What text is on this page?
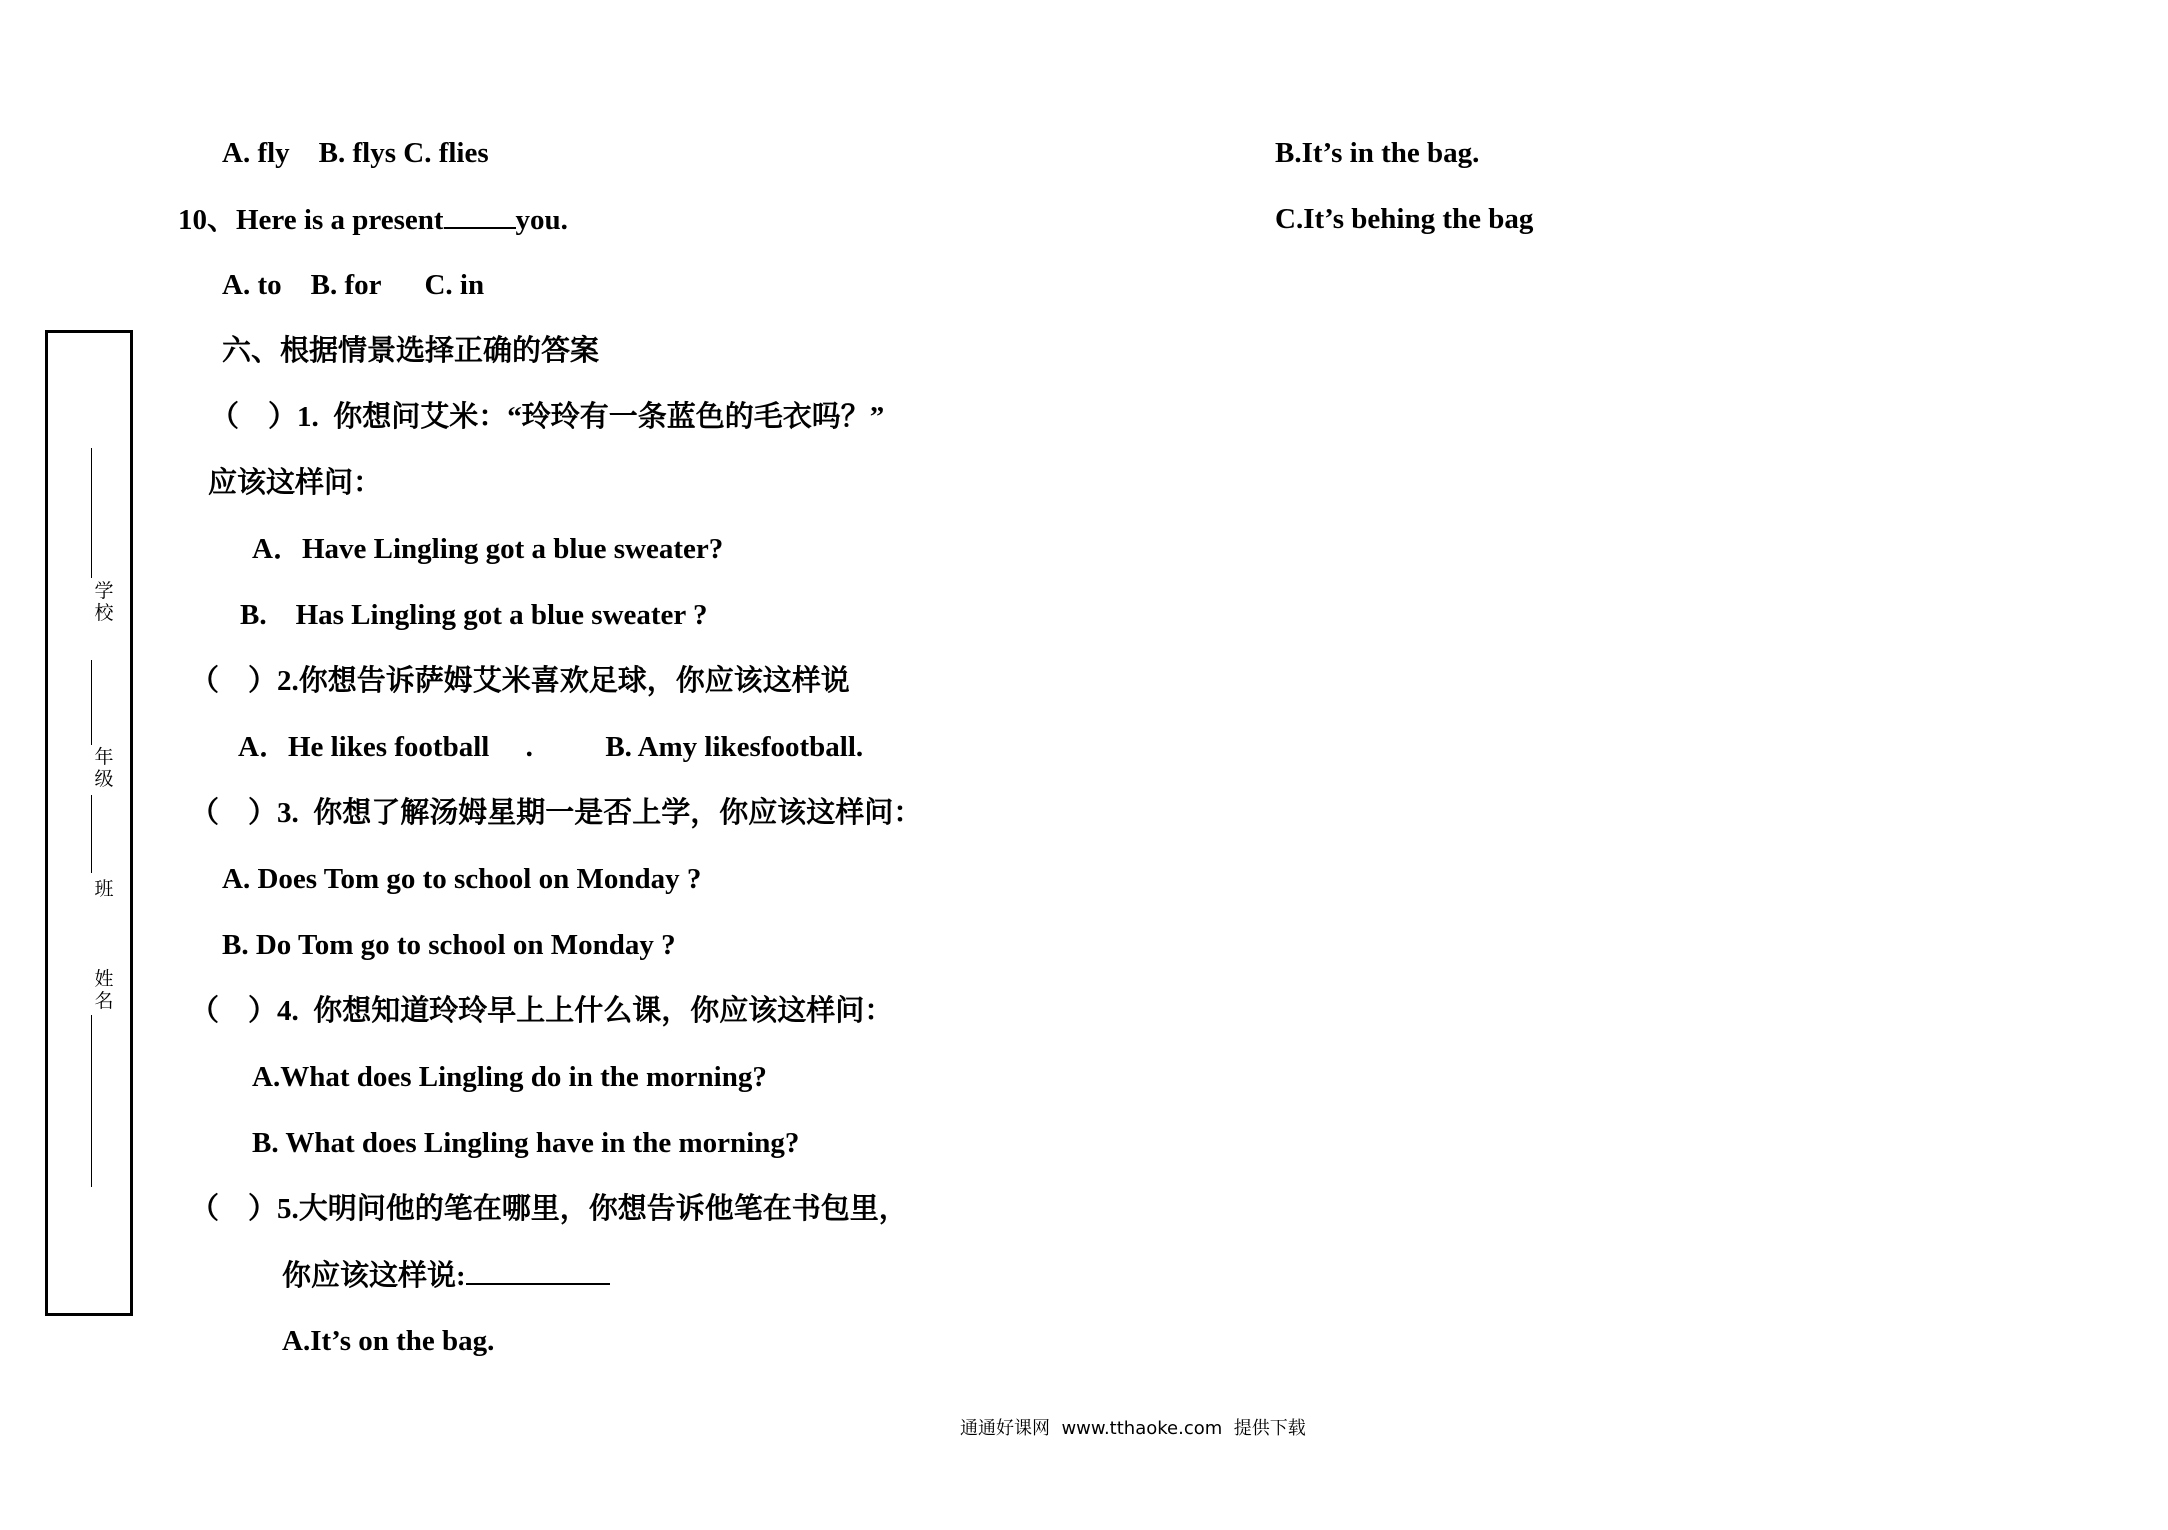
学校
年级
班
姓名
A. fly    B. flys C. flies
10、Here is a present you.
A. to    B. for      C. in
六、根据情景选择正确的答案
（    ）1.  你想问艾米：“玲玲有一条蓝色的毛衣吗？”
应该这样问：
A．Have Lingling got a blue sweater?
B.    Has Lingling got a blue sweater ?
（    ）2.你想告诉萨姆艾米喜欢足球，你应该这样说
A．He likes football     .          B. Amy likesfootball.
（    ）3.  你想了解汤姆星期一是否上学，你应该这样问：
A. Does Tom go to school on Monday ?
B. Do Tom go to school on Monday ?
（    ）4.  你想知道玲玲早上上什么课，你应该这样问：
A.What does Lingling do in the morning?
B. What does Lingling have in the morning?
（    ）5.大明问他的笔在哪里，你想告诉他笔在书包里，
你应该这样说:
A.It’s on the bag.
B.It’s in the bag.
C.It’s behing the bag
通通好课网  www.tthaoke.com  提供下载
